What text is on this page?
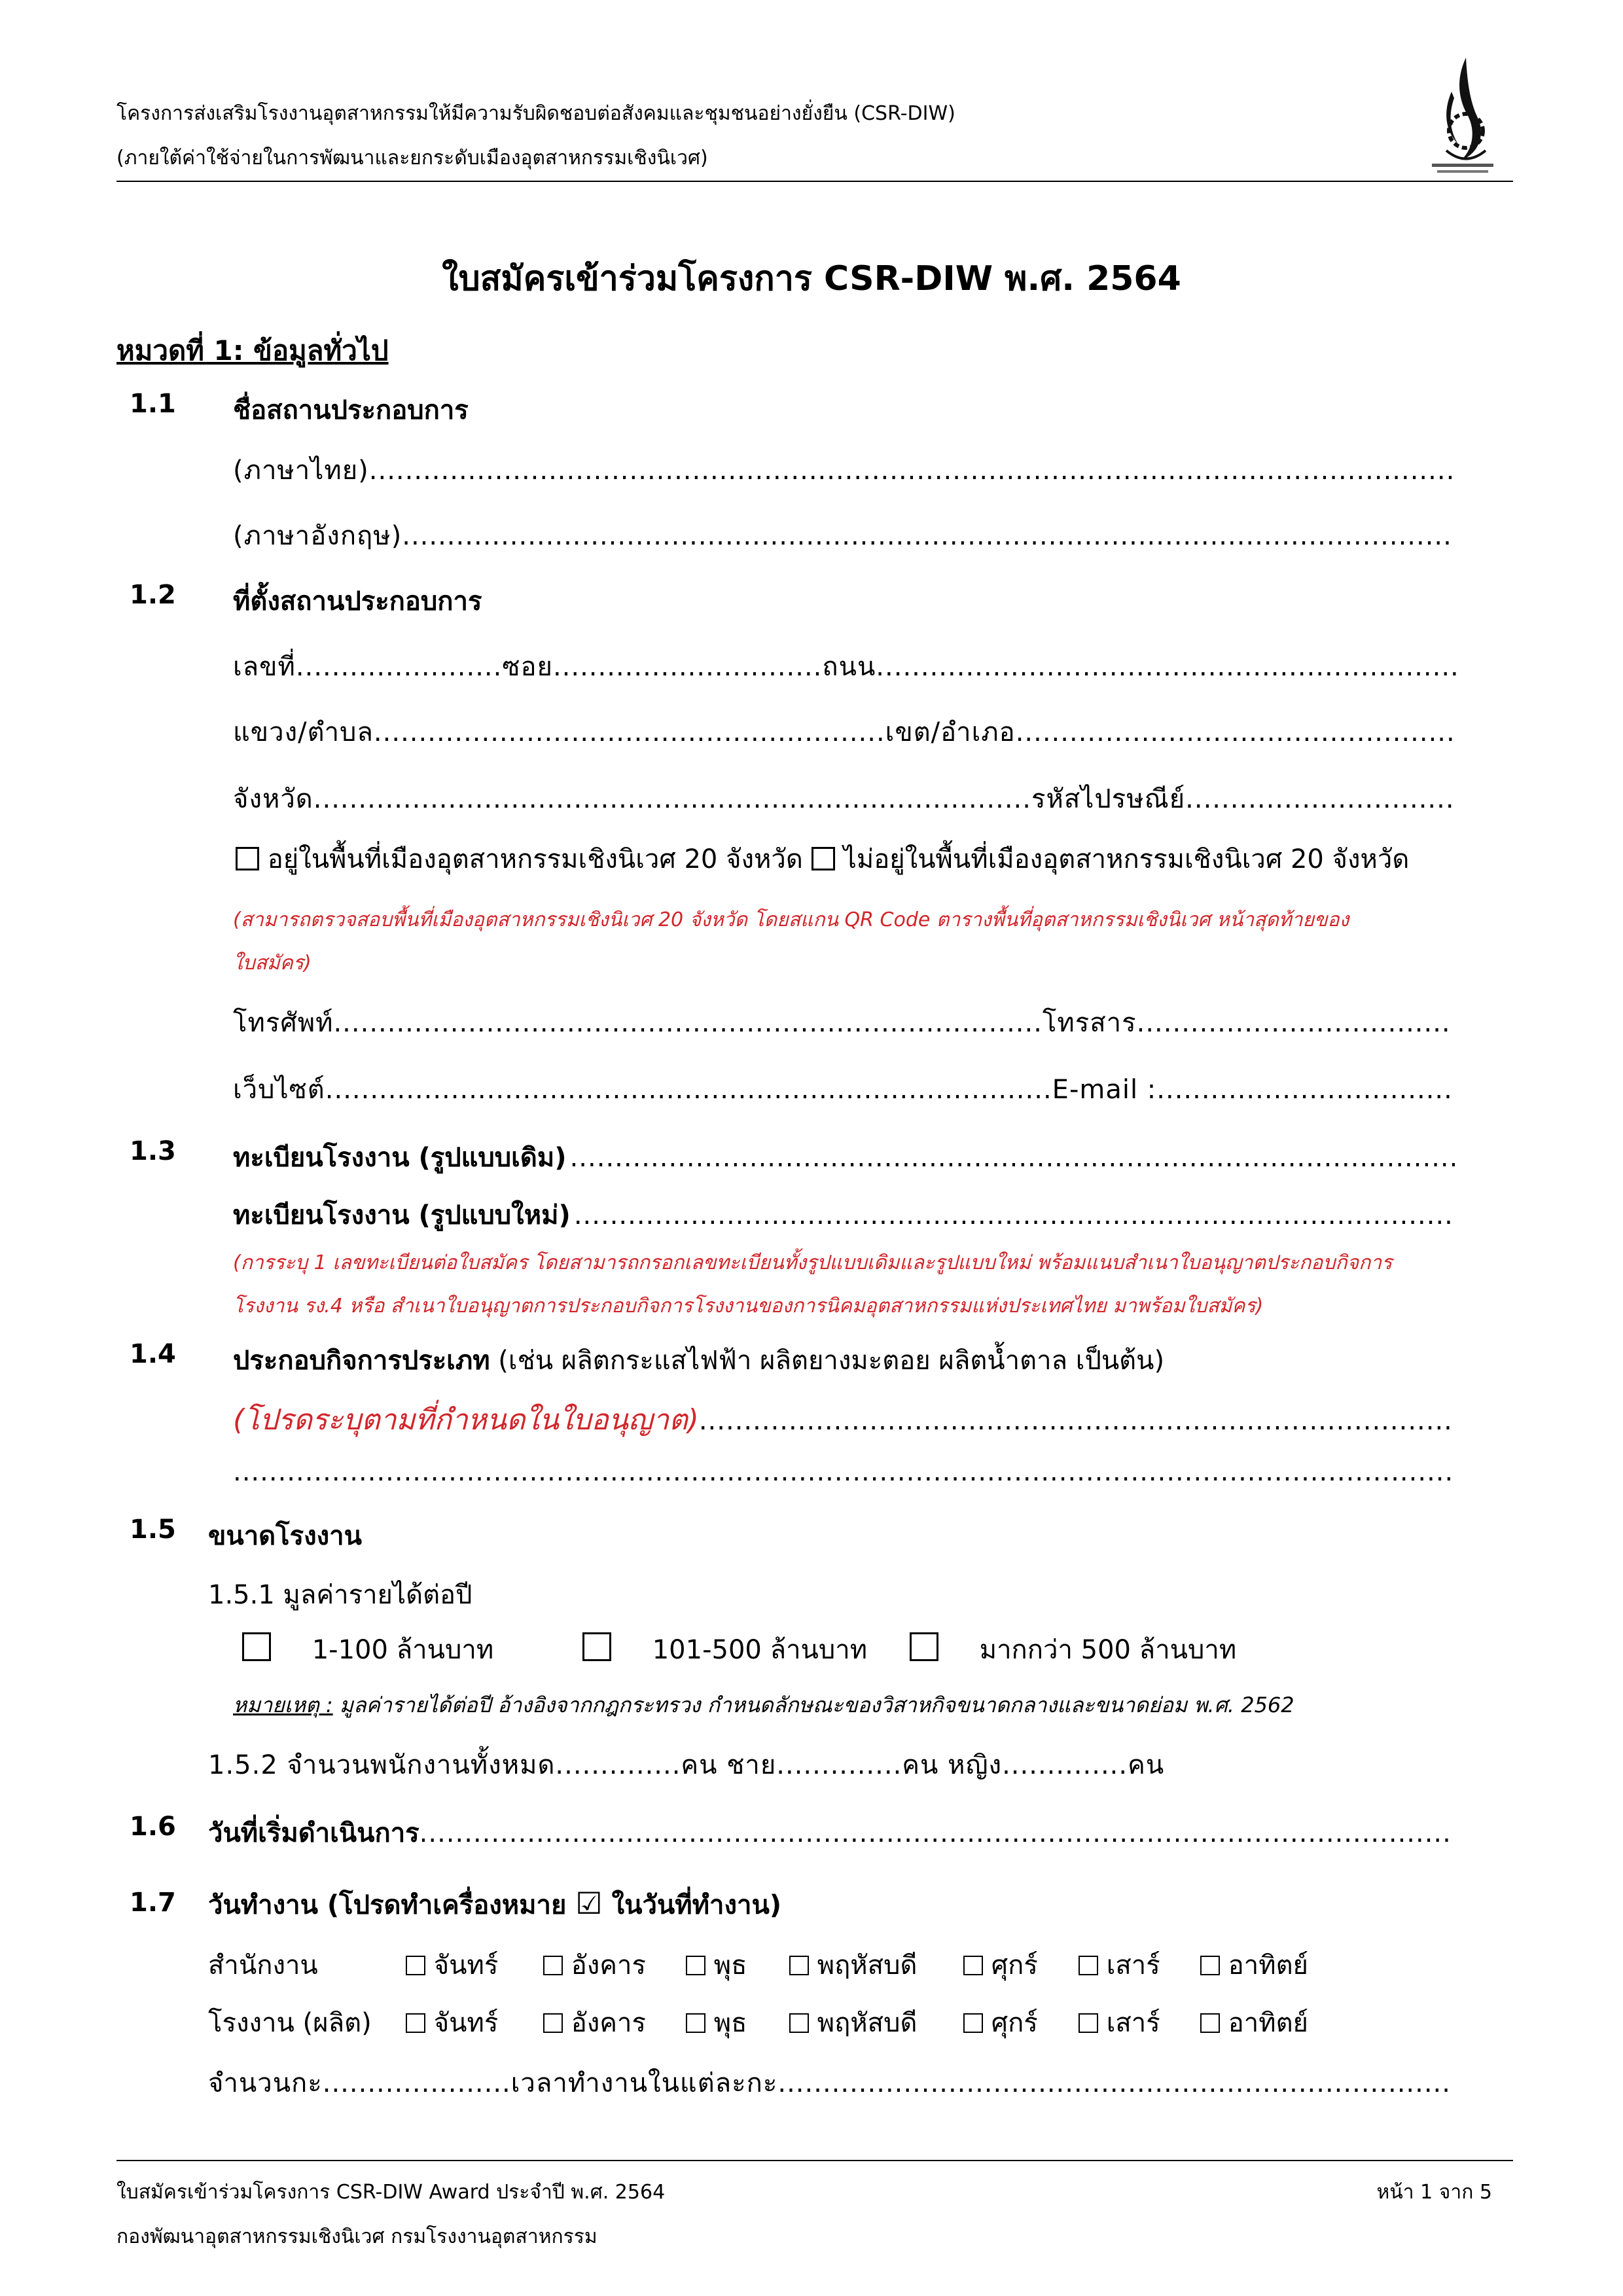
โครงการส่งเสริมโรงงานอุตสาหกรรมให้มีความรับผิดชอบต่อสังคมและชุมชนอย่างยั่งยืน (CSR-DIW)
(ภายใต้ค่าใช้จ่ายในการพัฒนาและยกระดับเมืองอุตสาหกรรมเชิงนิเวศ)
ใบสมัครเข้าร่วมโครงการ CSR-DIW พ.ศ. 2564
หมวดที่ 1: ข้อมูลทั่วไป
1.1 ชื่อสถานประกอบการ
(ภาษาไทย).........................................................................................................................
(ภาษาอังกฤษ).....................................................................................................................
1.2 ที่ตั้งสถานประกอบการ
เลขที่.......................ซอย..............................ถนน.................................................................
แขวง/ตำบล.........................................................เขต/อำเภอ.................................................
จังหวัด................................................................................รหัสไปรษณีย์..............................
อยู่ในพื้นที่เมืองอุตสาหกรรมเชิงนิเวศ 20 จังหวัด	ไม่อยู่ในพื้นที่เมืองอุตสาหกรรมเชิงนิเวศ 20 จังหวัด
(สามารถตรวจสอบพื้นที่เมืองอุตสาหกรรมเชิงนิเวศ 20 จังหวัด โดยสแกน QR Code ตารางพื้นที่อุตสาหกรรมเชิงนิเวศ หน้าสุดท้ายของ
ใบสมัคร)
โทรศัพท์...............................................................................โทรสาร...................................
เว็บไซต์.................................................................................E-mail :.................................
1.3 ทะเบียนโรงงาน (รูปแบบเดิม) ...................................................................................................
ทะเบียนโรงงาน (รูปแบบใหม่) ..................................................................................................
(การระบุ 1 เลขทะเบียนต่อใบสมัคร โดยสามารถกรอกเลขทะเบียนทั้งรูปแบบเดิมและรูปแบบใหม่ พร้อมแนบสำเนาใบอนุญาตประกอบกิจการ
โรงงาน รง.4 หรือ สำเนาใบอนุญาตการประกอบกิจการโรงงานของการนิคมอุตสาหกรรมแห่งประเทศไทย มาพร้อมใบสมัคร)
1.4 ประกอบกิจการประเภท (เช่น ผลิตกระแสไฟฟ้า ผลิตยางมะตอย ผลิตน้ำตาล เป็นต้น)
(โปรดระบุตามที่กำหนดในใบอนุญาต)....................................................................................
........................................................................................................................................
1.5 ขนาดโรงงาน
1.5.1 มูลค่ารายได้ต่อปี
1-100 ล้านบาท	101-500 ล้านบาท	มากกว่า 500 ล้านบาท
หมายเหตุ : มูลค่ารายได้ต่อปี อ้างอิงจากกฎกระทรวง กำหนดลักษณะของวิสาหกิจขนาดกลางและขนาดย่อม พ.ศ. 2562
1.5.2 จำนวนพนักงานทั้งหมด..............คน ชาย..............คน หญิง..............คน
1.6 วันที่เริ่มดำเนินการ...................................................................................................................
1.7 วันทำงาน (โปรดทำเครื่องหมาย ☑ ในวันที่ทำงาน)
สำนักงาน	จันทร์	อังคาร	พุธ	พฤหัสบดี	ศุกร์	เสาร์	อาทิตย์
โรงงาน (ผลิต)	จันทร์	อังคาร	พุธ	พฤหัสบดี	ศุกร์	เสาร์	อาทิตย์
จำนวนกะ.....................เวลาทำงานในแต่ละกะ...........................................................................
ใบสมัครเข้าร่วมโครงการ CSR-DIW Award ประจำปี พ.ศ. 2564	หน้า 1 จาก 5
กองพัฒนาอุตสาหกรรมเชิงนิเวศ กรมโรงงานอุตสาหกรรม
